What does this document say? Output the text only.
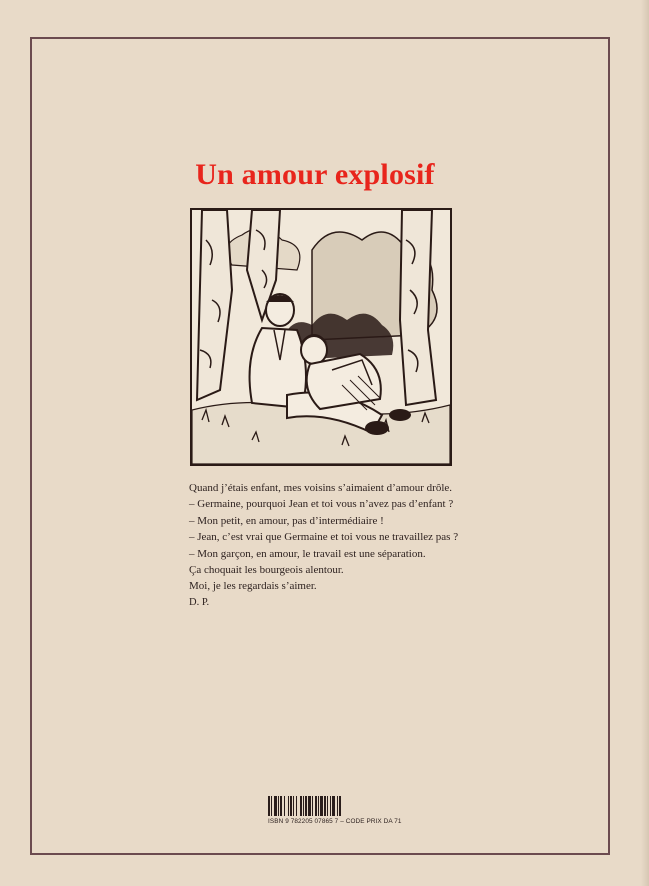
Un amour explosif

Quand j’étais enfant, mes voisins s’aimaient d’amour drôle.

– Germaine, pourquoi Jean et toi vous n’avez pas d’enfant ?

– Mon petit, en amour, pas d’intermédiaire !

– Jean, c’est vrai que Germaine et toi vous ne travaillez pas ?

– Mon garçon, en amour, le travail est une séparation.

Ça choquait les bourgeois alentour.

Moi, je les regardais s’aimer.

D. P.
ISBN 9 782205 07865 7 – CODE PRIX DA 71
